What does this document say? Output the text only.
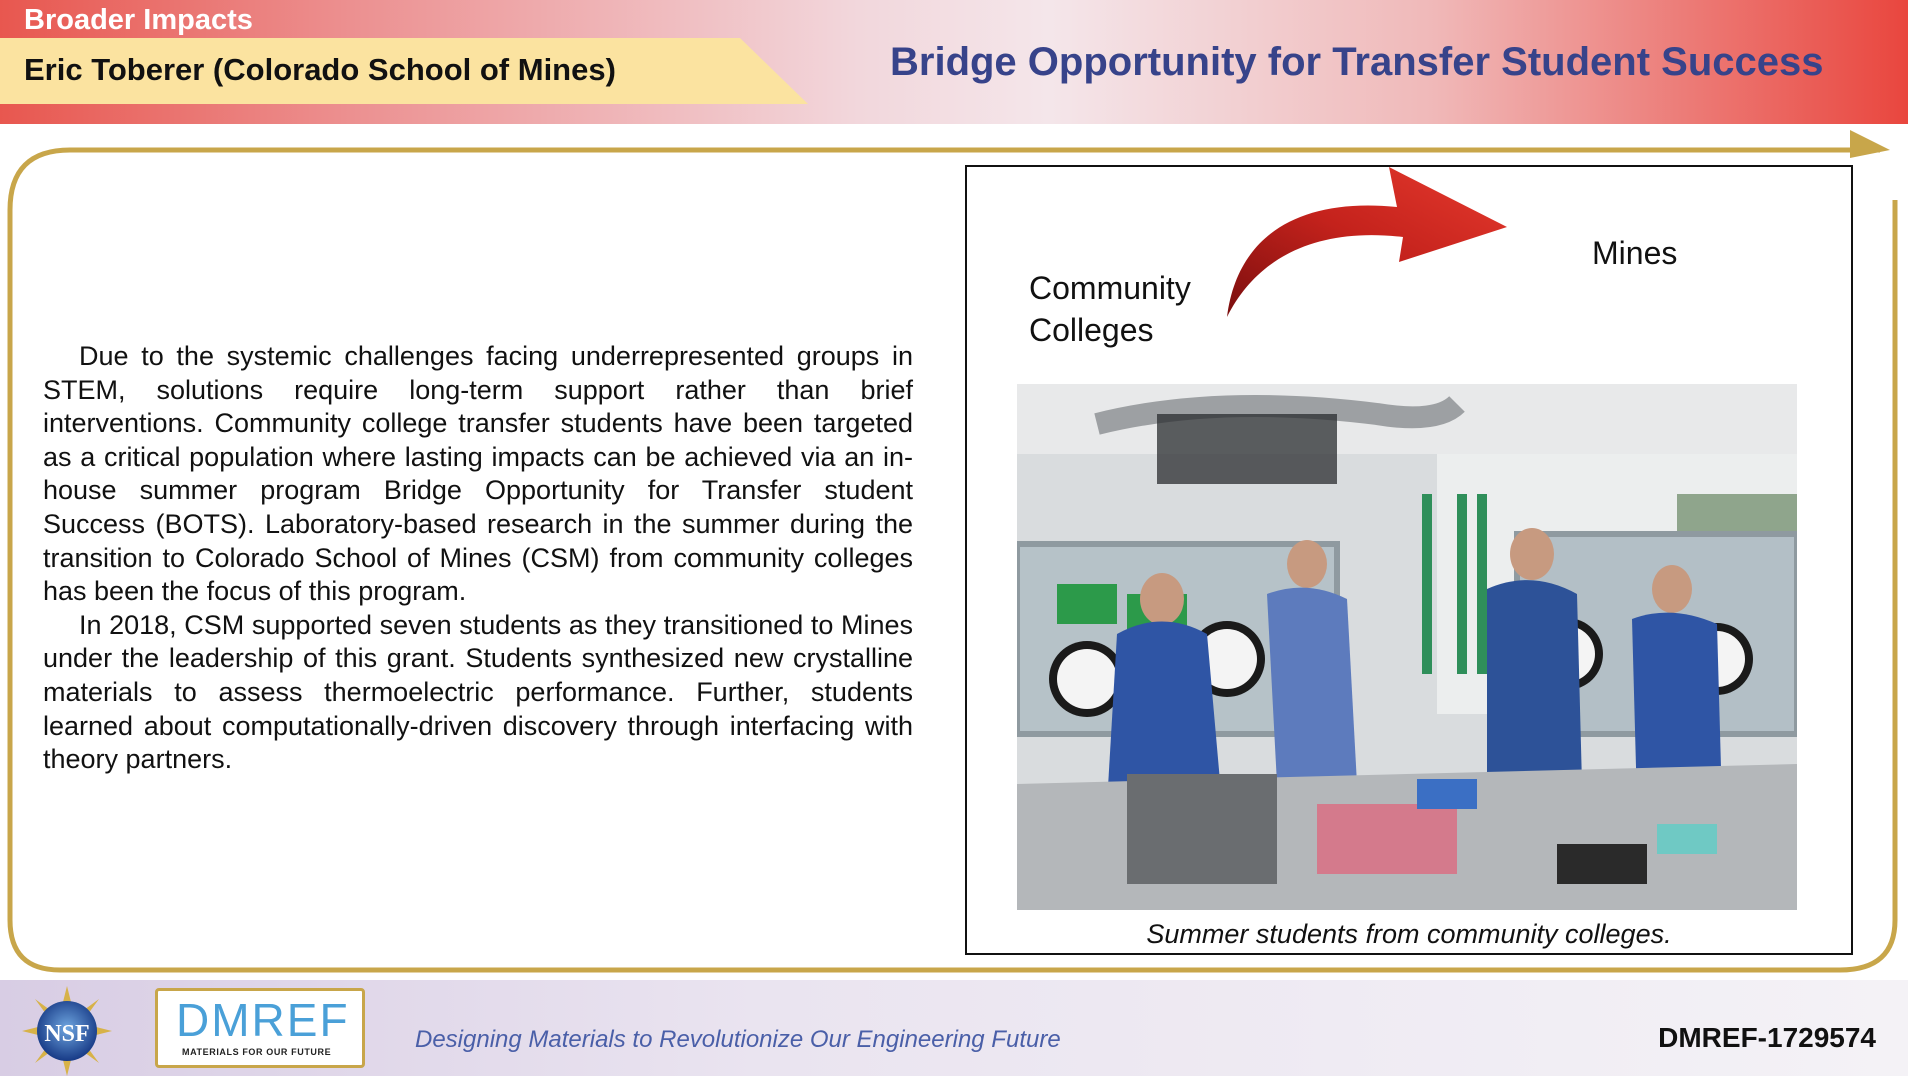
Broader Impacts
Eric Toberer (Colorado School of Mines)	Bridge Opportunity for Transfer Student Success

Due to the systemic challenges facing underrepresented groups in STEM, solutions require long-term support rather than brief interventions. Community college transfer students have been targeted as a critical population where lasting impacts can be achieved via an in-house summer program Bridge Opportunity for Transfer student Success (BOTS). Laboratory-based research in the summer during the transition to Colorado School of Mines (CSM) from community colleges has been the focus of this program.

In 2018, CSM supported seven students as they transitioned to Mines under the leadership of this grant. Students synthesized new crystalline materials to assess thermoelectric performance. Further, students learned about computationally-driven discovery through interfacing with theory partners.

Community Colleges
Mines
Summer students from community colleges.
NSF DMREF
MATERIALS FOR OUR FUTURE	Designing Materials to Revolutionize Our Engineering Future	DMREF-1729574
